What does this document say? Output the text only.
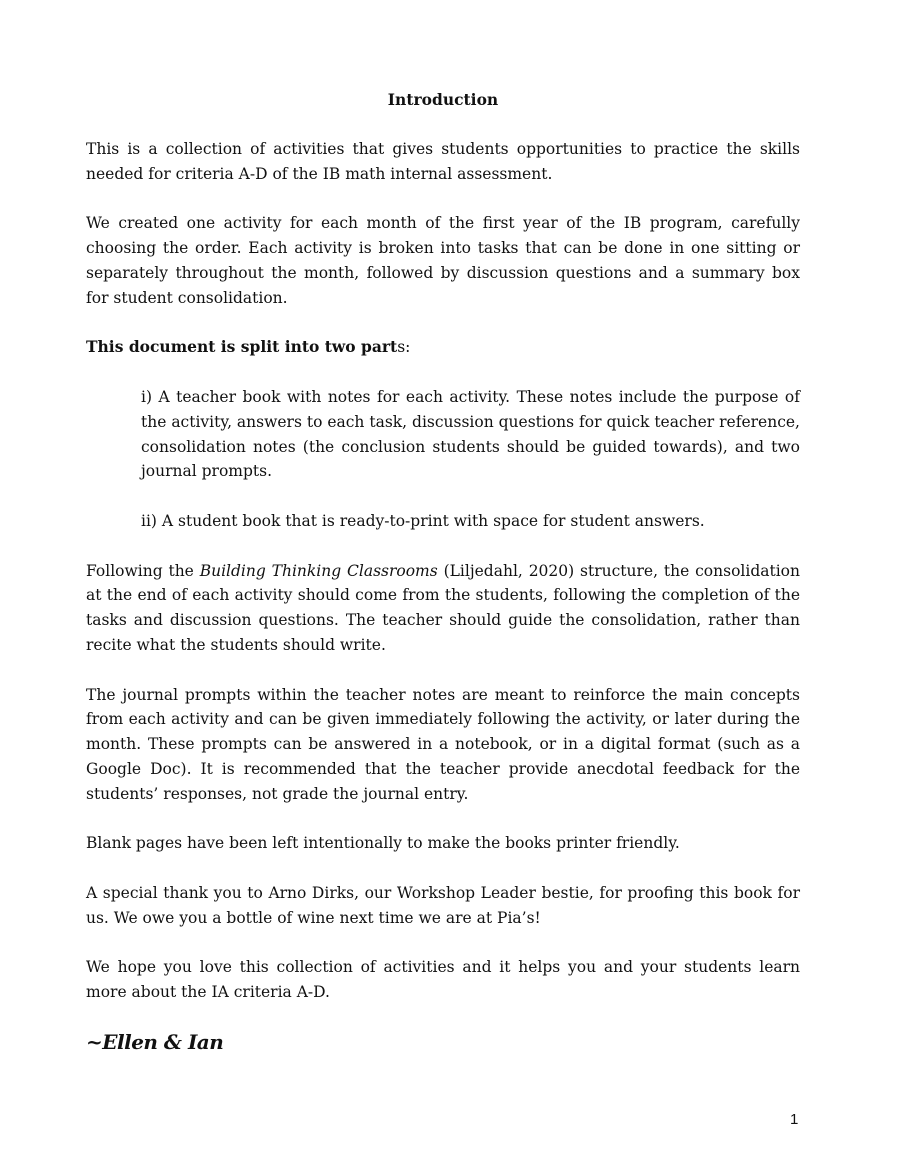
Introduction

This is a collection of activities that gives students opportunities to practice the skills needed for criteria A-D of the IB math internal assessment.

We created one activity for each month of the first year of the IB program, carefully choosing the order. Each activity is broken into tasks that can be done in one sitting or separately throughout the month, followed by discussion questions and a summary box for student consolidation.

This document is split into two parts:

i) A teacher book with notes for each activity. These notes include the purpose of the activity, answers to each task, discussion questions for quick teacher reference, consolidation notes (the conclusion students should be guided towards), and two journal prompts.

ii) A student book that is ready-to-print with space for student answers.

Following the Building Thinking Classrooms (Liljedahl, 2020) structure, the consolidation at the end of each activity should come from the students, following the completion of the tasks and discussion questions. The teacher should guide the consolidation, rather than recite what the students should write.

The journal prompts within the teacher notes are meant to reinforce the main concepts from each activity and can be given immediately following the activity, or later during the month. These prompts can be answered in a notebook, or in a digital format (such as a Google Doc). It is recommended that the teacher provide anecdotal feedback for the students’ responses, not grade the journal entry.

Blank pages have been left intentionally to make the books printer friendly.

A special thank you to Arno Dirks, our Workshop Leader bestie, for proofing this book for us. We owe you a bottle of wine next time we are at Pia’s!

We hope you love this collection of activities and it helps you and your students learn more about the IA criteria A-D.

~Ellen & Ian
1
